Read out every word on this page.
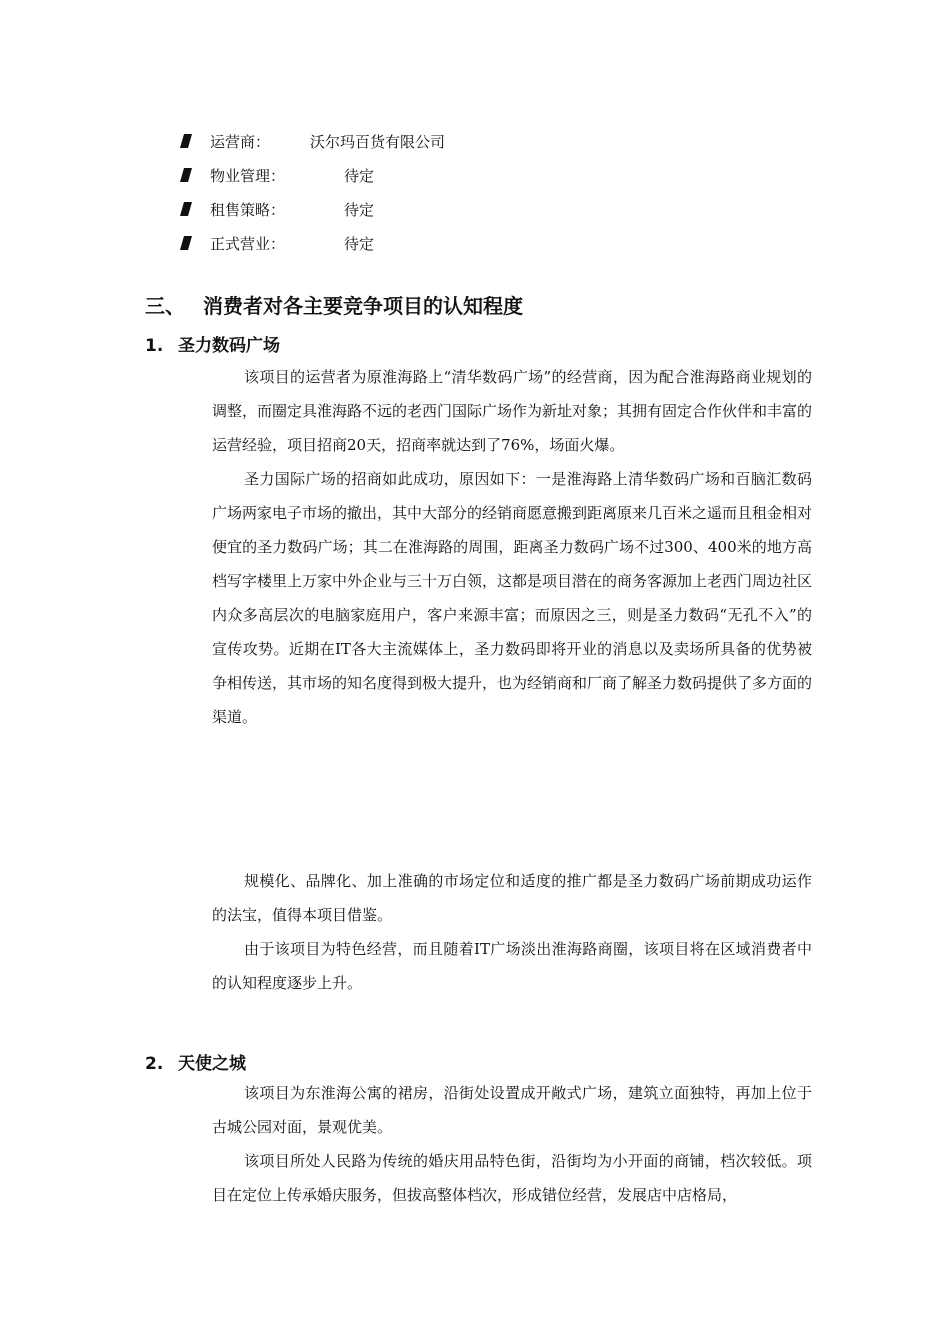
运营商：	沃尔玛百货有限公司
物业管理：	待定
租售策略：	待定
正式营业：	待定
三、 消费者对各主要竞争项目的认知程度
1. 圣力数码广场

该项目的运营者为原淮海路上“清华数码广场”的经营商，因为配合淮海路商业规划的调整，而圈定具淮海路不远的老西门国际广场作为新址对象；其拥有固定合作伙伴和丰富的运营经验，项目招商20天，招商率就达到了76%，场面火爆。

圣力国际广场的招商如此成功，原因如下：一是淮海路上清华数码广场和百脑汇数码广场两家电子市场的撤出，其中大部分的经销商愿意搬到距离原来几百米之遥而且租金相对便宜的圣力数码广场；其二在淮海路的周围，距离圣力数码广场不过300、400米的地方高档写字楼里上万家中外企业与三十万白领，这都是项目潜在的商务客源加上老西门周边社区内众多高层次的电脑家庭用户，客户来源丰富；而原因之三，则是圣力数码“无孔不入”的宣传攻势。近期在IT各大主流媒体上，圣力数码即将开业的消息以及卖场所具备的优势被争相传送，其市场的知名度得到极大提升，也为经销商和厂商了解圣力数码提供了多方面的渠道。

规模化、品牌化、加上准确的市场定位和适度的推广都是圣力数码广场前期成功运作的法宝，值得本项目借鉴。

由于该项目为特色经营，而且随着IT广场淡出淮海路商圈，该项目将在区域消费者中的认知程度逐步上升。

2. 天使之城

该项目为东淮海公寓的裙房，沿街处设置成开敞式广场，建筑立面独特，再加上位于古城公园对面，景观优美。

该项目所处人民路为传统的婚庆用品特色街，沿街均为小开面的商铺，档次较低。项目在定位上传承婚庆服务，但拔高整体档次，形成错位经营，发展店中店格局，
